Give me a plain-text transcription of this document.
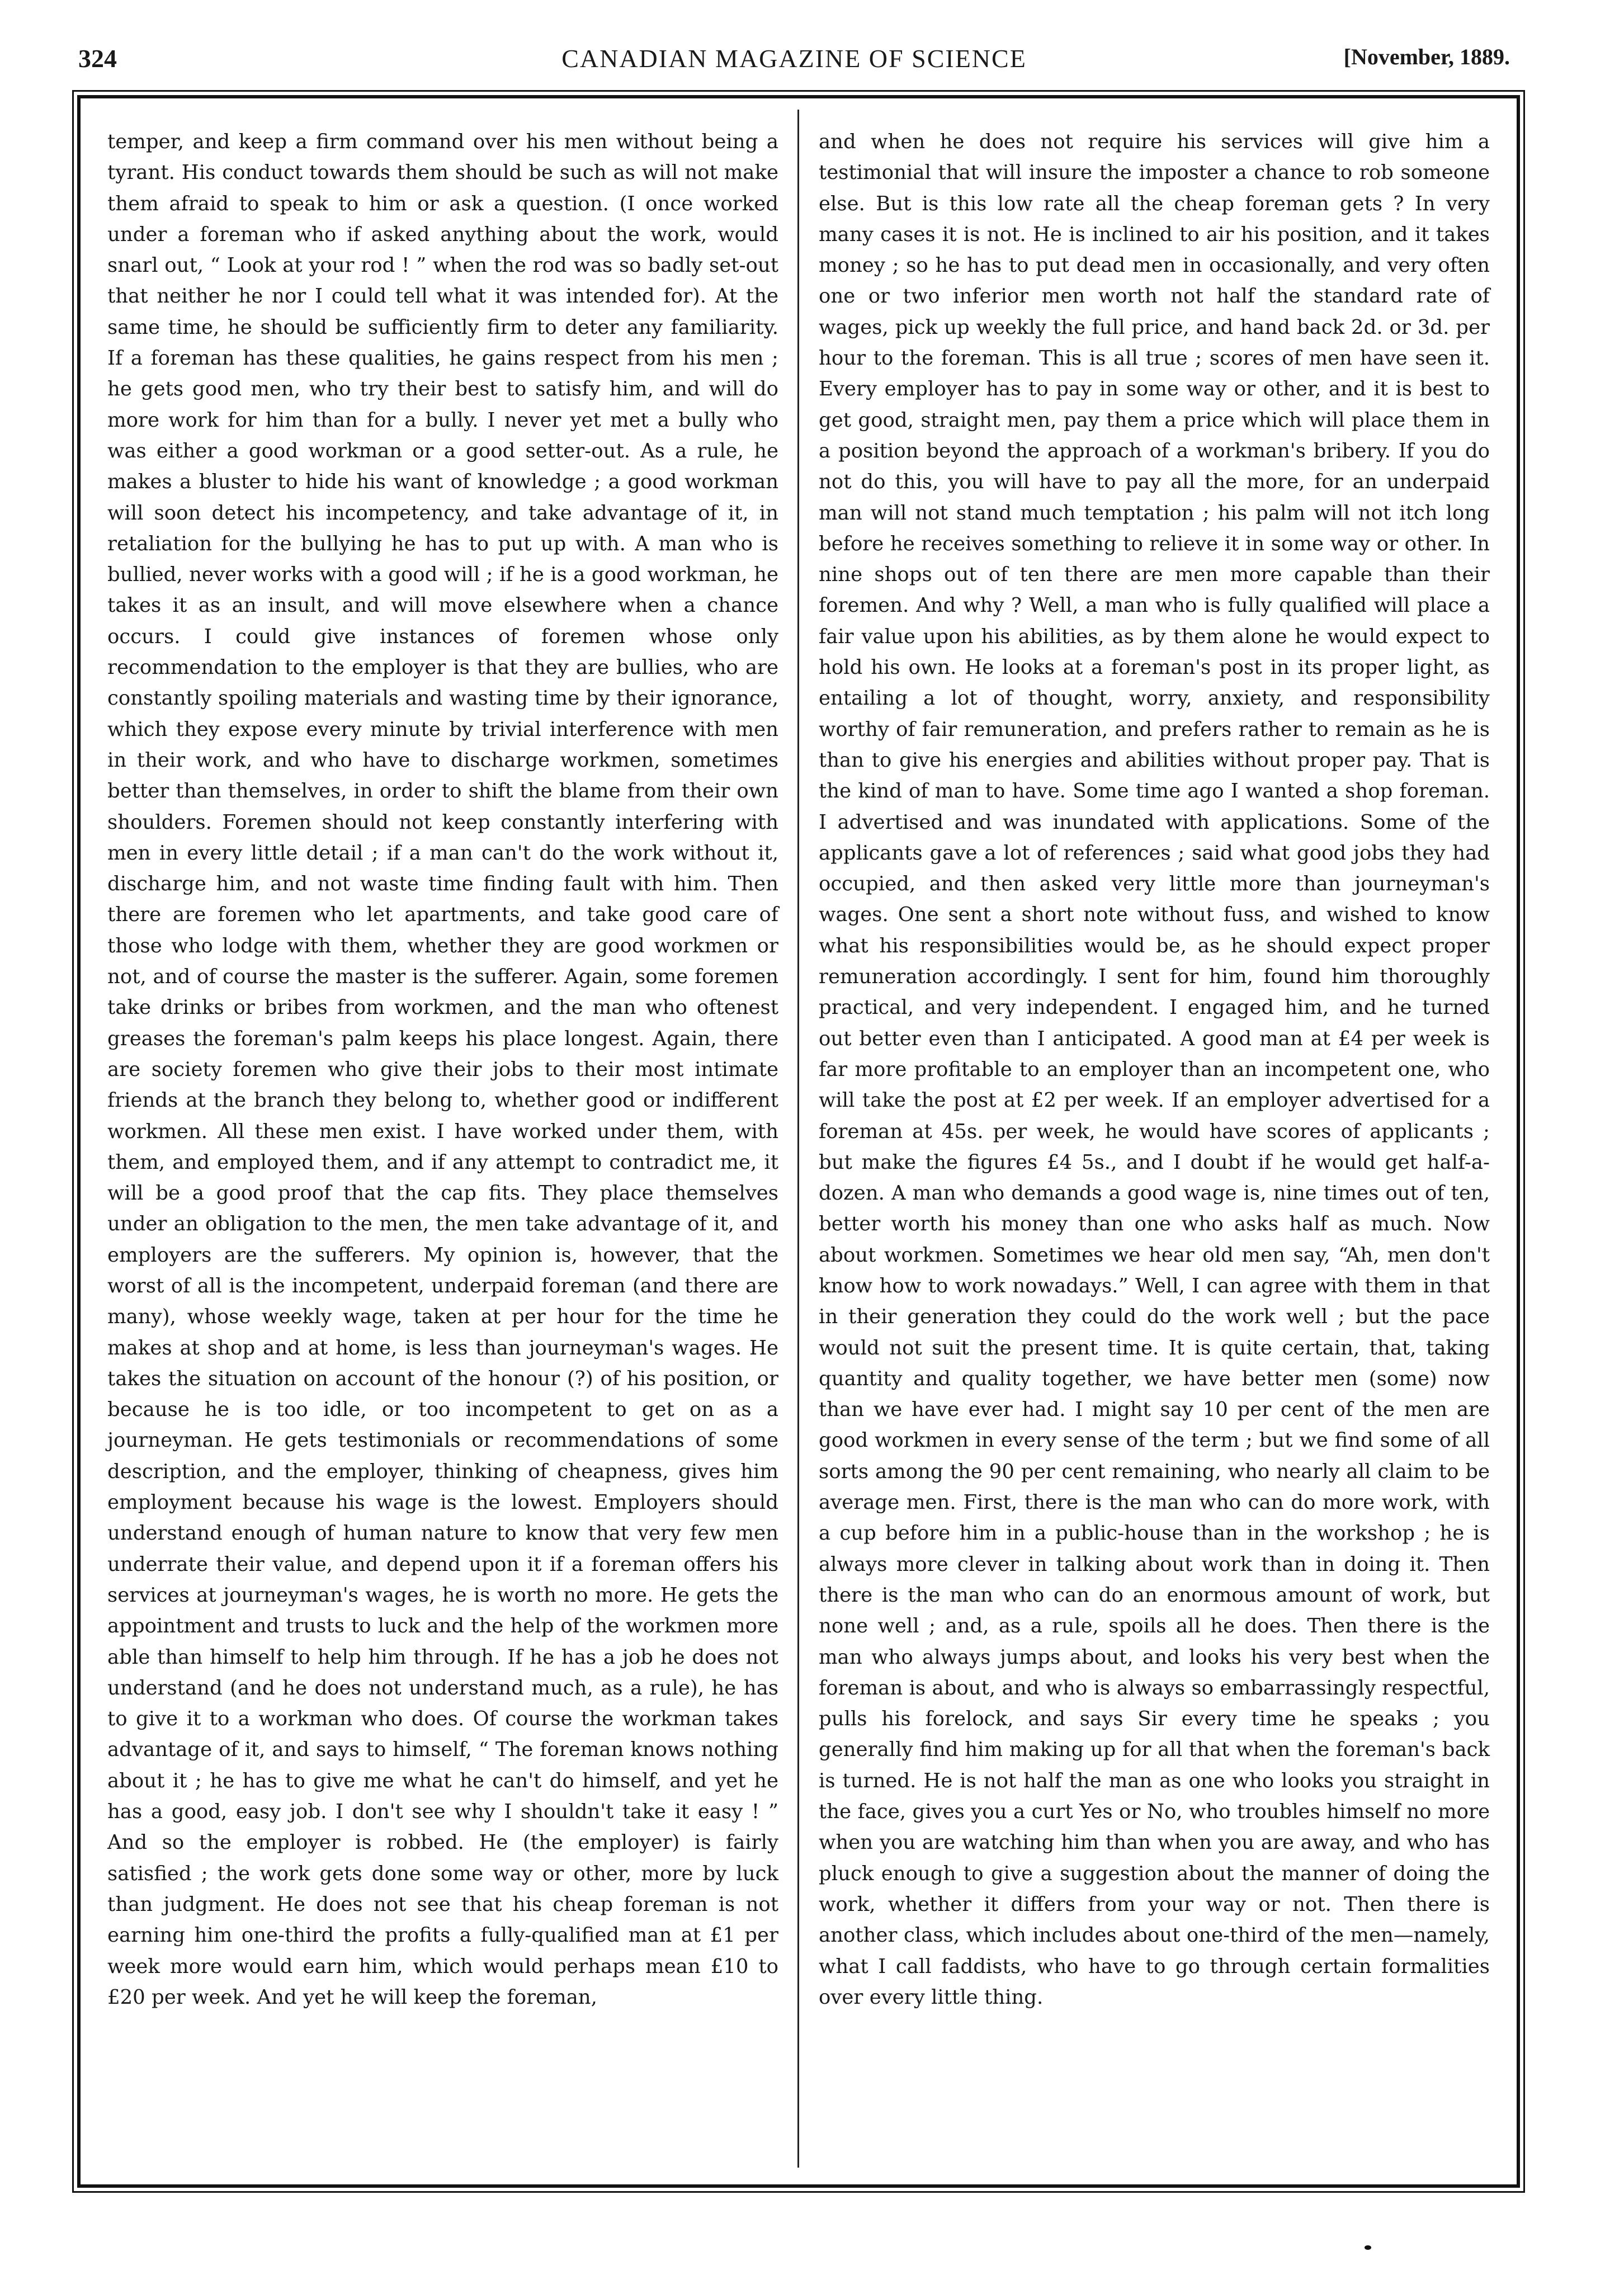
324	CANADIAN MAGAZINE OF SCIENCE	[November, 1889.

temper, and keep a firm command over his men without being a tyrant. His conduct towards them should be such as will not make them afraid to speak to him or ask a question. (I once worked under a foreman who if asked anything about the work, would snarl out, “ Look at your rod ! ” when the rod was so badly set-out that neither he nor I could tell what it was intended for). At the same time, he should be sufficiently firm to deter any familiarity. If a foreman has these qualities, he gains respect from his men ; he gets good men, who try their best to satisfy him, and will do more work for him than for a bully. I never yet met a bully who was either a good workman or a good setter-out. As a rule, he makes a bluster to hide his want of knowledge ; a good workman will soon detect his incompetency, and take advantage of it, in retaliation for the bullying he has to put up with. A man who is bullied, never works with a good will ; if he is a good workman, he takes it as an insult, and will move elsewhere when a chance occurs. I could give instances of foremen whose only recommendation to the employer is that they are bullies, who are constantly spoiling materials and wasting time by their ignorance, which they expose every minute by trivial interference with men in their work, and who have to discharge workmen, sometimes better than themselves, in order to shift the blame from their own shoulders. Foremen should not keep constantly interfering with men in every little detail ; if a man can't do the work without it, discharge him, and not waste time finding fault with him. Then there are foremen who let apartments, and take good care of those who lodge with them, whether they are good workmen or not, and of course the master is the sufferer. Again, some foremen take drinks or bribes from workmen, and the man who oftenest greases the foreman's palm keeps his place longest. Again, there are society foremen who give their jobs to their most intimate friends at the branch they belong to, whether good or indifferent workmen. All these men exist. I have worked under them, with them, and employed them, and if any attempt to contradict me, it will be a good proof that the cap fits. They place themselves under an obligation to the men, the men take advantage of it, and employers are the sufferers. My opinion is, however, that the worst of all is the incompetent, underpaid foreman (and there are many), whose weekly wage, taken at per hour for the time he makes at shop and at home, is less than journeyman's wages. He takes the situation on account of the honour (?) of his position, or because he is too idle, or too incompetent to get on as a journeyman. He gets testimonials or recommendations of some description, and the employer, thinking of cheapness, gives him employment because his wage is the lowest. Employers should understand enough of human nature to know that very few men underrate their value, and depend upon it if a foreman offers his services at journeyman's wages, he is worth no more. He gets the appointment and trusts to luck and the help of the workmen more able than himself to help him through. If he has a job he does not understand (and he does not understand much, as a rule), he has to give it to a workman who does. Of course the workman takes advantage of it, and says to himself, “ The foreman knows nothing about it ; he has to give me what he can't do himself, and yet he has a good, easy job. I don't see why I shouldn't take it easy ! ” And so the employer is robbed. He (the employer) is fairly satisfied ; the work gets done some way or other, more by luck than judgment. He does not see that his cheap foreman is not earning him one-third the profits a fully-qualified man at £1 per week more would earn him, which would perhaps mean £10 to £20 per week. And yet he will keep the foreman,

and when he does not require his services will give him a testimonial that will insure the imposter a chance to rob someone else. But is this low rate all the cheap foreman gets ? In very many cases it is not. He is inclined to air his position, and it takes money ; so he has to put dead men in occasionally, and very often one or two inferior men worth not half the standard rate of wages, pick up weekly the full price, and hand back 2d. or 3d. per hour to the foreman. This is all true ; scores of men have seen it. Every employer has to pay in some way or other, and it is best to get good, straight men, pay them a price which will place them in a position beyond the approach of a workman's bribery. If you do not do this, you will have to pay all the more, for an underpaid man will not stand much temptation ; his palm will not itch long before he receives something to relieve it in some way or other. In nine shops out of ten there are men more capable than their foremen. And why ? Well, a man who is fully qualified will place a fair value upon his abilities, as by them alone he would expect to hold his own. He looks at a foreman's post in its proper light, as entailing a lot of thought, worry, anxiety, and responsibility worthy of fair remuneration, and prefers rather to remain as he is than to give his energies and abilities without proper pay. That is the kind of man to have. Some time ago I wanted a shop foreman. I advertised and was inundated with applications. Some of the applicants gave a lot of references ; said what good jobs they had occupied, and then asked very little more than journeyman's wages. One sent a short note without fuss, and wished to know what his responsibilities would be, as he should expect proper remuneration accordingly. I sent for him, found him thoroughly practical, and very independent. I engaged him, and he turned out better even than I anticipated. A good man at £4 per week is far more profitable to an employer than an incompetent one, who will take the post at £2 per week. If an employer advertised for a foreman at 45s. per week, he would have scores of applicants ; but make the figures £4 5s., and I doubt if he would get half-a-dozen. A man who demands a good wage is, nine times out of ten, better worth his money than one who asks half as much. Now about workmen. Sometimes we hear old men say, “Ah, men don't know how to work nowadays.” Well, I can agree with them in that in their generation they could do the work well ; but the pace would not suit the present time. It is quite certain, that, taking quantity and quality together, we have better men (some) now than we have ever had. I might say 10 per cent of the men are good workmen in every sense of the term ; but we find some of all sorts among the 90 per cent remaining, who nearly all claim to be average men. First, there is the man who can do more work, with a cup before him in a public-house than in the workshop ; he is always more clever in talking about work than in doing it. Then there is the man who can do an enormous amount of work, but none well ; and, as a rule, spoils all he does. Then there is the man who always jumps about, and looks his very best when the foreman is about, and who is always so embarrassingly respectful, pulls his forelock, and says Sir every time he speaks ; you generally find him making up for all that when the foreman's back is turned. He is not half the man as one who looks you straight in the face, gives you a curt Yes or No, who troubles himself no more when you are watching him than when you are away, and who has pluck enough to give a suggestion about the manner of doing the work, whether it differs from your way or not. Then there is another class, which includes about one-third of the men—namely, what I call faddists, who have to go through certain formalities over every little thing.
